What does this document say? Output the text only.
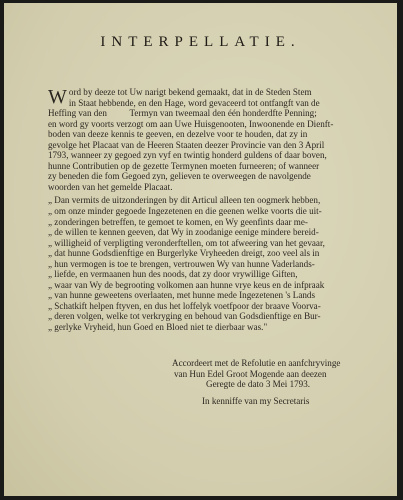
INTERPELLATIE.
W ord by deeze tot Uw narigt bekend gemaakt, dat in de Steden Stem
in Staat hebbende, en den Hage, word gevaceerd tot ontfangft van de
Heffing van den          Termyn van tweemaal den één honderdfte Penning;
en word gy voorts verzogt om aan Uwe Huisgenooten, Inwoonende en Dienft-
boden van deeze kennis te geeven, en dezelve voor te houden, dat zy in
gevolge het Placaat van de Heeren Staaten deezer Provincie van den 3 April
1793, wanneer zy gegoed zyn vyf en twintig honderd guldens of daar boven,
hunne Contributien op de gezette Termynen moeten furneeren; of wanneer
zy beneden die fom Gegoed zyn, gelieven te overweegen de navolgende
woorden van het gemelde Placaat.
„ Dan vermits de uitzonderingen by dit Articul alleen ten oogmerk hebben,
„ om onze minder gegoede Ingezetenen en die geenen welke voorts die uit-
„ zonderingen betreffen, te gemoet te komen, en Wy geenfints daar me-
„ de willen te kennen geeven, dat Wy in zoodanige eenige mindere bereid-
„ willigheid of verpligting veronderftellen, om tot afweering van het gevaar,
„ dat hunne Godsdienftige en Burgerlyke Vryheeden dreigt, zoo veel als in
„ hun vermogen is toe te brengen, vertrouwen Wy van hunne Vaderlands-
„ liefde, en vermaanen hun des noods, dat zy door vrywillige Giften,
„ waar van Wy de begrooting volkomen aan hunne vrye keus en de infpraak
„ van hunne geweetens overlaaten, met hunne mede Ingezetenen 's Lands
„ Schatkift helpen ftyven, en dus het loffelyk voetfpoor der braave Voorva-
„ deren volgen, welke tot verkryging en behoud van Godsdienftige en Bur-
„ gerlyke Vryheid, hun Goed en Bloed niet te dierbaar was."
Accordeert met de Refolutie en aanfchryvinge
van Hun Edel Groot Mogende aan deezen
Geregte de dato 3 Mei 1793.
In kenniffe van my Secretaris
